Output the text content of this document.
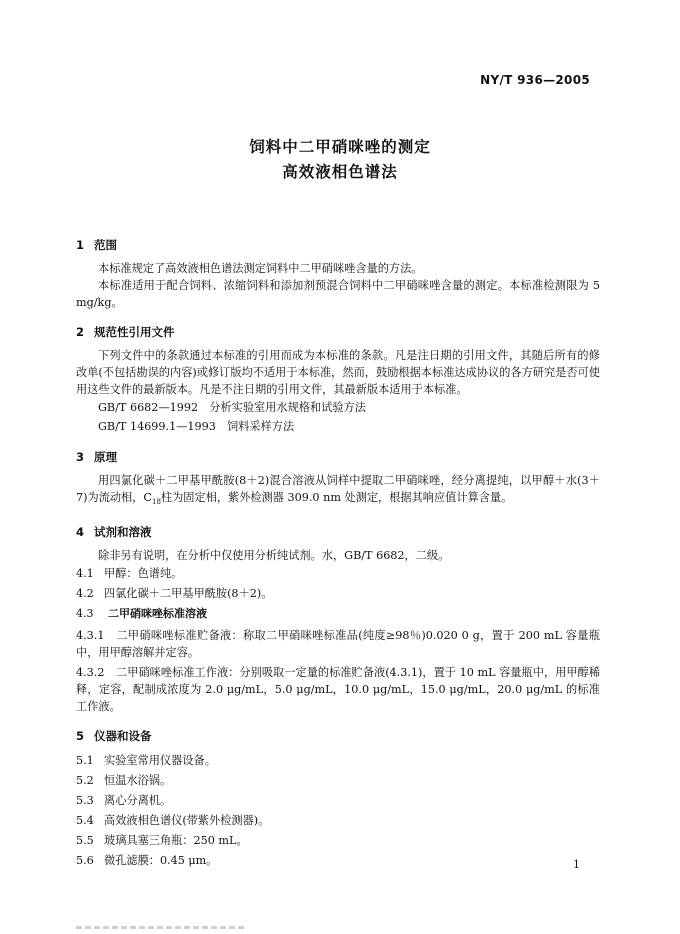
NY/T 936—2005
饲料中二甲硝咪唑的测定
高效液相色谱法
1 范围

本标准规定了高效液相色谱法测定饲料中二甲硝咪唑含量的方法。

本标准适用于配合饲料、浓缩饲料和添加剂预混合饲料中二甲硝咪唑含量的测定。本标准检测限为 5 mg/kg。

2 规范性引用文件

下列文件中的条款通过本标准的引用而成为本标准的条款。凡是注日期的引用文件，其随后所有的修改单(不包括勘误的内容)或修订版均不适用于本标准，然而，鼓励根据本标准达成协议的各方研究是否可使用这些文件的最新版本。凡是不注日期的引用文件，其最新版本适用于本标准。

GB/T 6682—1992　分析实验室用水规格和试验方法
GB/T 14699.1—1993　饲料采样方法
3 原理

用四氯化碳＋二甲基甲酰胺(8＋2)混合溶液从饲样中提取二甲硝咪唑，经分离提纯，以甲醇＋水(3＋7)为流动相，$C_{18}$柱为固定相，紫外检测器 309.0 nm 处测定，根据其响应值计算含量。

4 试剂和溶液

除非另有说明，在分析中仅使用分析纯试剂。水，GB/T 6682，二级。

4.1 甲醇：色谱纯。
4.2 四氯化碳＋二甲基甲酰胺(8＋2)。
4.3 二甲硝咪唑标准溶液
4.3.1 二甲硝咪唑标准贮备液：称取二甲硝咪唑标准品(纯度≥98％)0.020 0 g，置于 200 mL 容量瓶中，用甲醇溶解并定容。
4.3.2 二甲硝咪唑标准工作液：分别吸取一定量的标准贮备液(4.3.1)，置于 10 mL 容量瓶中，用甲醇稀释，定容，配制成浓度为 2.0 μg/mL，5.0 μg/mL，10.0 μg/mL，15.0 μg/mL，20.0 μg/mL 的标准工作液。
5 仪器和设备
5.1 实验室常用仪器设备。
5.2 恒温水浴锅。
5.3 离心分离机。
5.4 高效液相色谱仪(带紫外检测器)。
5.5 玻璃具塞三角瓶：250 mL。
5.6 微孔滤膜：0.45 μm。	1
